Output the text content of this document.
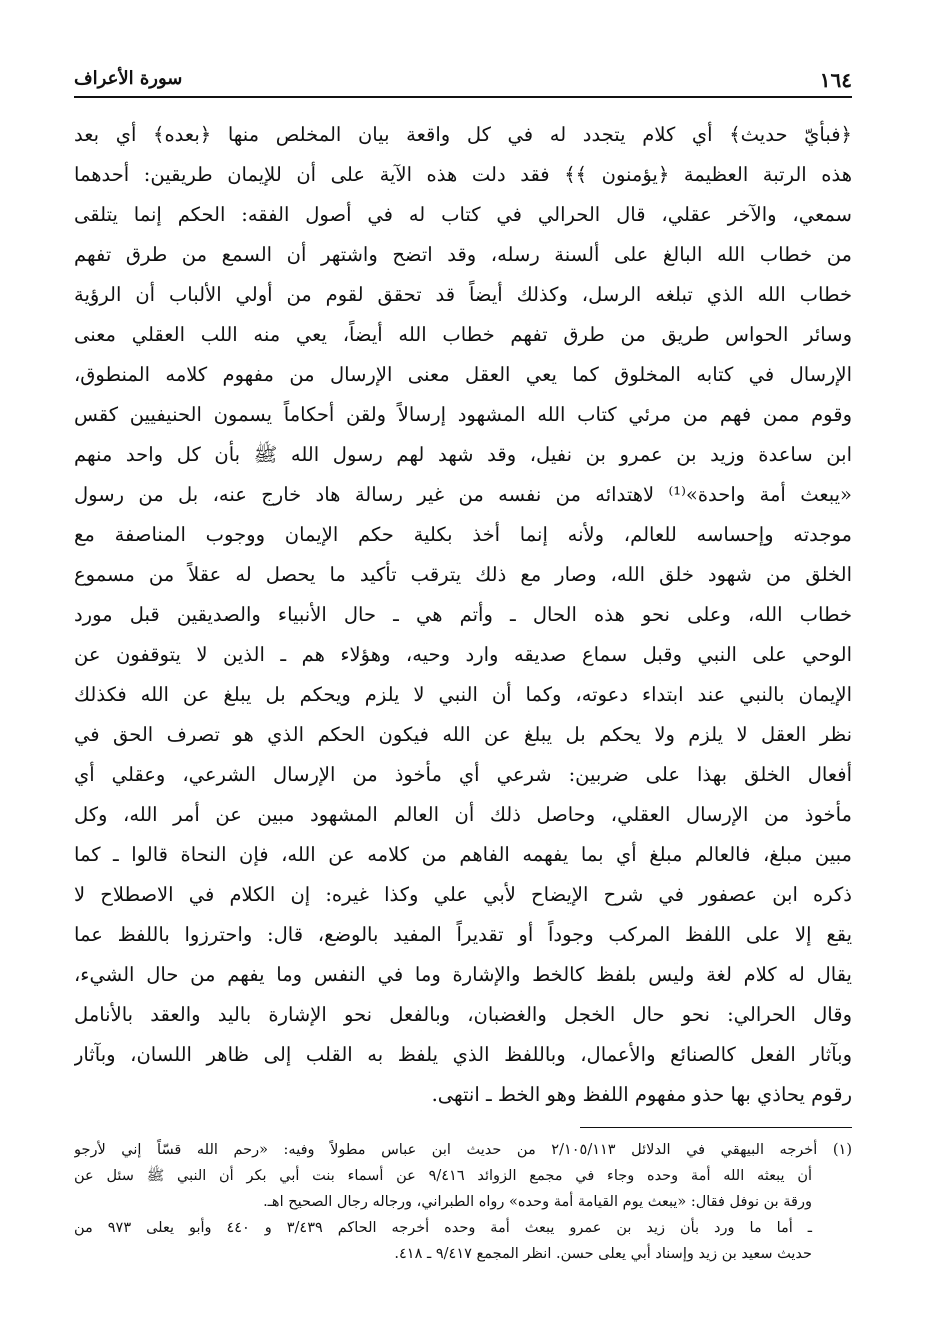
١٦٤
سورة الأعراف
﴿فبأيّ حديث﴾ أي كلام يتجدد له في كل واقعة بيان المخلص منها ﴿بعده﴾ أي بعد
هذه الرتبة العظيمة ﴿يؤمنون ﴾﴾ فقد دلت هذه الآية على أن للإيمان طريقين: أحدهما
سمعي، والآخر عقلي، قال الحرالي في كتاب له في أصول الفقه: الحكم إنما يتلقى
من خطاب الله البالغ على ألسنة رسله، وقد اتضح واشتهر أن السمع من طرق تفهم
خطاب الله الذي تبلغه الرسل، وكذلك أيضاً قد تحقق لقوم من أولي الألباب أن الرؤية
وسائر الحواس طريق من طرق تفهم خطاب الله أيضاً، يعي منه اللب العقلي معنى
الإرسال في كتابه المخلوق كما يعي العقل معنى الإرسال من مفهوم كلامه المنطوق،
وقوم ممن فهم من مرئي كتاب الله المشهود إرسالاً ولقن أحكاماً يسمون الحنيفيين كقس
ابن ساعدة وزيد بن عمرو بن نفيل، وقد شهد لهم رسول الله ﷺ بأن كل واحد منهم
«يبعث أمة واحدة»⁽¹⁾ لاهتدائه من نفسه من غير رسالة هاد خارج عنه، بل من رسول
موجدته وإحساسه للعالم، ولأنه إنما أخذ بكلية حكم الإيمان ووجوب المناصفة مع
الخلق من شهود خلق الله، وصار مع ذلك يترقب تأكيد ما يحصل له عقلاً من مسموع
خطاب الله، وعلى نحو هذه الحال ـ وأتم هي ـ حال الأنبياء والصديقين قبل مورد
الوحي على النبي وقبل سماع صديقه وارد وحيه، وهؤلاء هم ـ الذين لا يتوقفون عن
الإيمان بالنبي عند ابتداء دعوته، وكما أن النبي لا يلزم ويحكم بل يبلغ عن الله فكذلك
نظر العقل لا يلزم ولا يحكم بل يبلغ عن الله فيكون الحكم الذي هو تصرف الحق في
أفعال الخلق بهذا على ضربين: شرعي أي مأخوذ من الإرسال الشرعي، وعقلي أي
مأخوذ من الإرسال العقلي، وحاصل ذلك أن العالم المشهود مبين عن أمر الله، وكل
مبين مبلغ، فالعالم مبلغ أي بما يفهمه الفاهم من كلامه عن الله، فإن النحاة قالوا ـ كما
ذكره ابن عصفور في شرح الإيضاح لأبي علي وكذا غيره: إن الكلام في الاصطلاح لا
يقع إلا على اللفظ المركب وجوداً أو تقديراً المفيد بالوضع، قال: واحترزوا باللفظ عما
يقال له كلام لغة وليس بلفظ كالخط والإشارة وما في النفس وما يفهم من حال الشيء،
وقال الحرالي: نحو حال الخجل والغضبان، وبالفعل نحو الإشارة باليد والعقد بالأنامل
وبآثار الفعل كالصنائع والأعمال، وباللفظ الذي يلفظ به القلب إلى ظاهر اللسان، وبآثار
رقوم يحاذي بها حذو مفهوم اللفظ وهو الخط ـ انتهى.
(١) أخرجه البيهقي في الدلائل ٢/١٠٥/١١٣ من حديث ابن عباس مطولاً وفيه: «رحم الله قسّاً إني لأرجو
أن يبعثه الله أمة وحده وجاء في مجمع الزوائد ٩/٤١٦ عن أسماء بنت أبي بكر أن النبي ﷺ سئل عن
ورقة بن نوفل فقال: «يبعث يوم القيامة أمة وحده» رواه الطبراني، ورجاله رجال الصحيح اهـ.
ـ أما ما ورد بأن زيد بن عمرو يبعث أمة وحده أخرجه الحاكم ٣/٤٣٩ و ٤٤٠ وأبو يعلى ٩٧٣ من
حديث سعيد بن زيد وإسناد أبي يعلى حسن. انظر المجمع ٩/٤١٧ ـ ٤١٨.
